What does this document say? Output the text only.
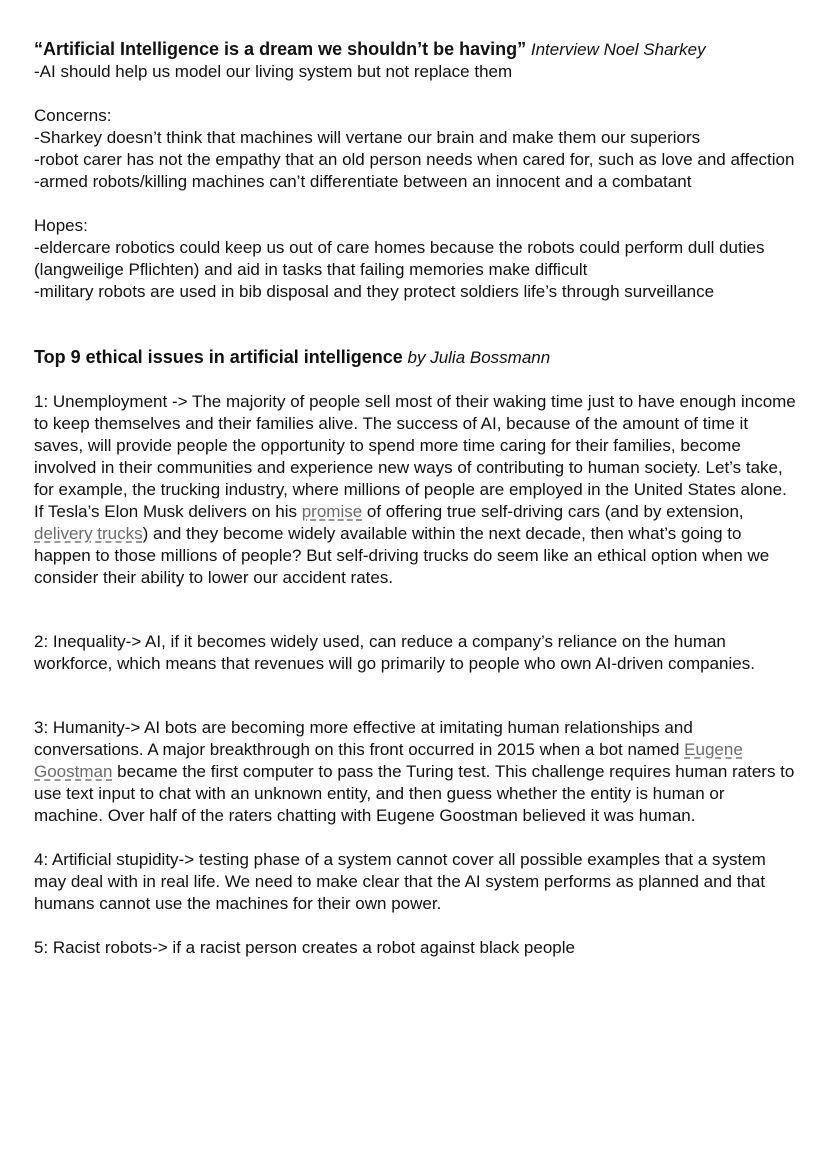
“Artificial Intelligence is a dream we shouldn’t be having” Interview Noel Sharkey

-AI should help us model our living system but not replace them

Concerns:

-Sharkey doesn’t think that machines will vertane our brain and make them our superiors

-robot carer has not the empathy that an old person needs when cared for, such as love and affection

-armed robots/killing machines can’t differentiate between an innocent and a combatant

Hopes:

-eldercare robotics could keep us out of care homes because the robots could perform dull duties (langweilige Pflichten) and aid in tasks that failing memories make difficult

-military robots are used in bib disposal and they protect soldiers life’s through surveillance

Top 9 ethical issues in artificial intelligence by Julia Bossmann

1: Unemployment -> The majority of people sell most of their waking time just to have enough income to keep themselves and their families alive. The success of AI, because of the amount of time it saves, will provide people the opportunity to spend more time caring for their families, become involved in their communities and experience new ways of contributing to human society. Let’s take, for example, the trucking industry, where millions of people are employed in the United States alone. If Tesla’s Elon Musk delivers on his promise of offering true self-driving cars (and by extension, delivery trucks) and they become widely available within the next decade, then what’s going to happen to those millions of people? But self-driving trucks do seem like an ethical option when we consider their ability to lower our accident rates.

2: Inequality-> AI, if it becomes widely used, can reduce a company’s reliance on the human workforce, which means that revenues will go primarily to people who own AI-driven companies.

3: Humanity-> AI bots are becoming more effective at imitating human relationships and conversations. A major breakthrough on this front occurred in 2015 when a bot named Eugene Goostman became the first computer to pass the Turing test. This challenge requires human raters to use text input to chat with an unknown entity, and then guess whether the entity is human or machine. Over half of the raters chatting with Eugene Goostman believed it was human.

4: Artificial stupidity-> testing phase of a system cannot cover all possible examples that a system may deal with in real life. We need to make clear that the AI system performs as planned and that humans cannot use the machines for their own power.

5: Racist robots-> if a racist person creates a robot against black people
